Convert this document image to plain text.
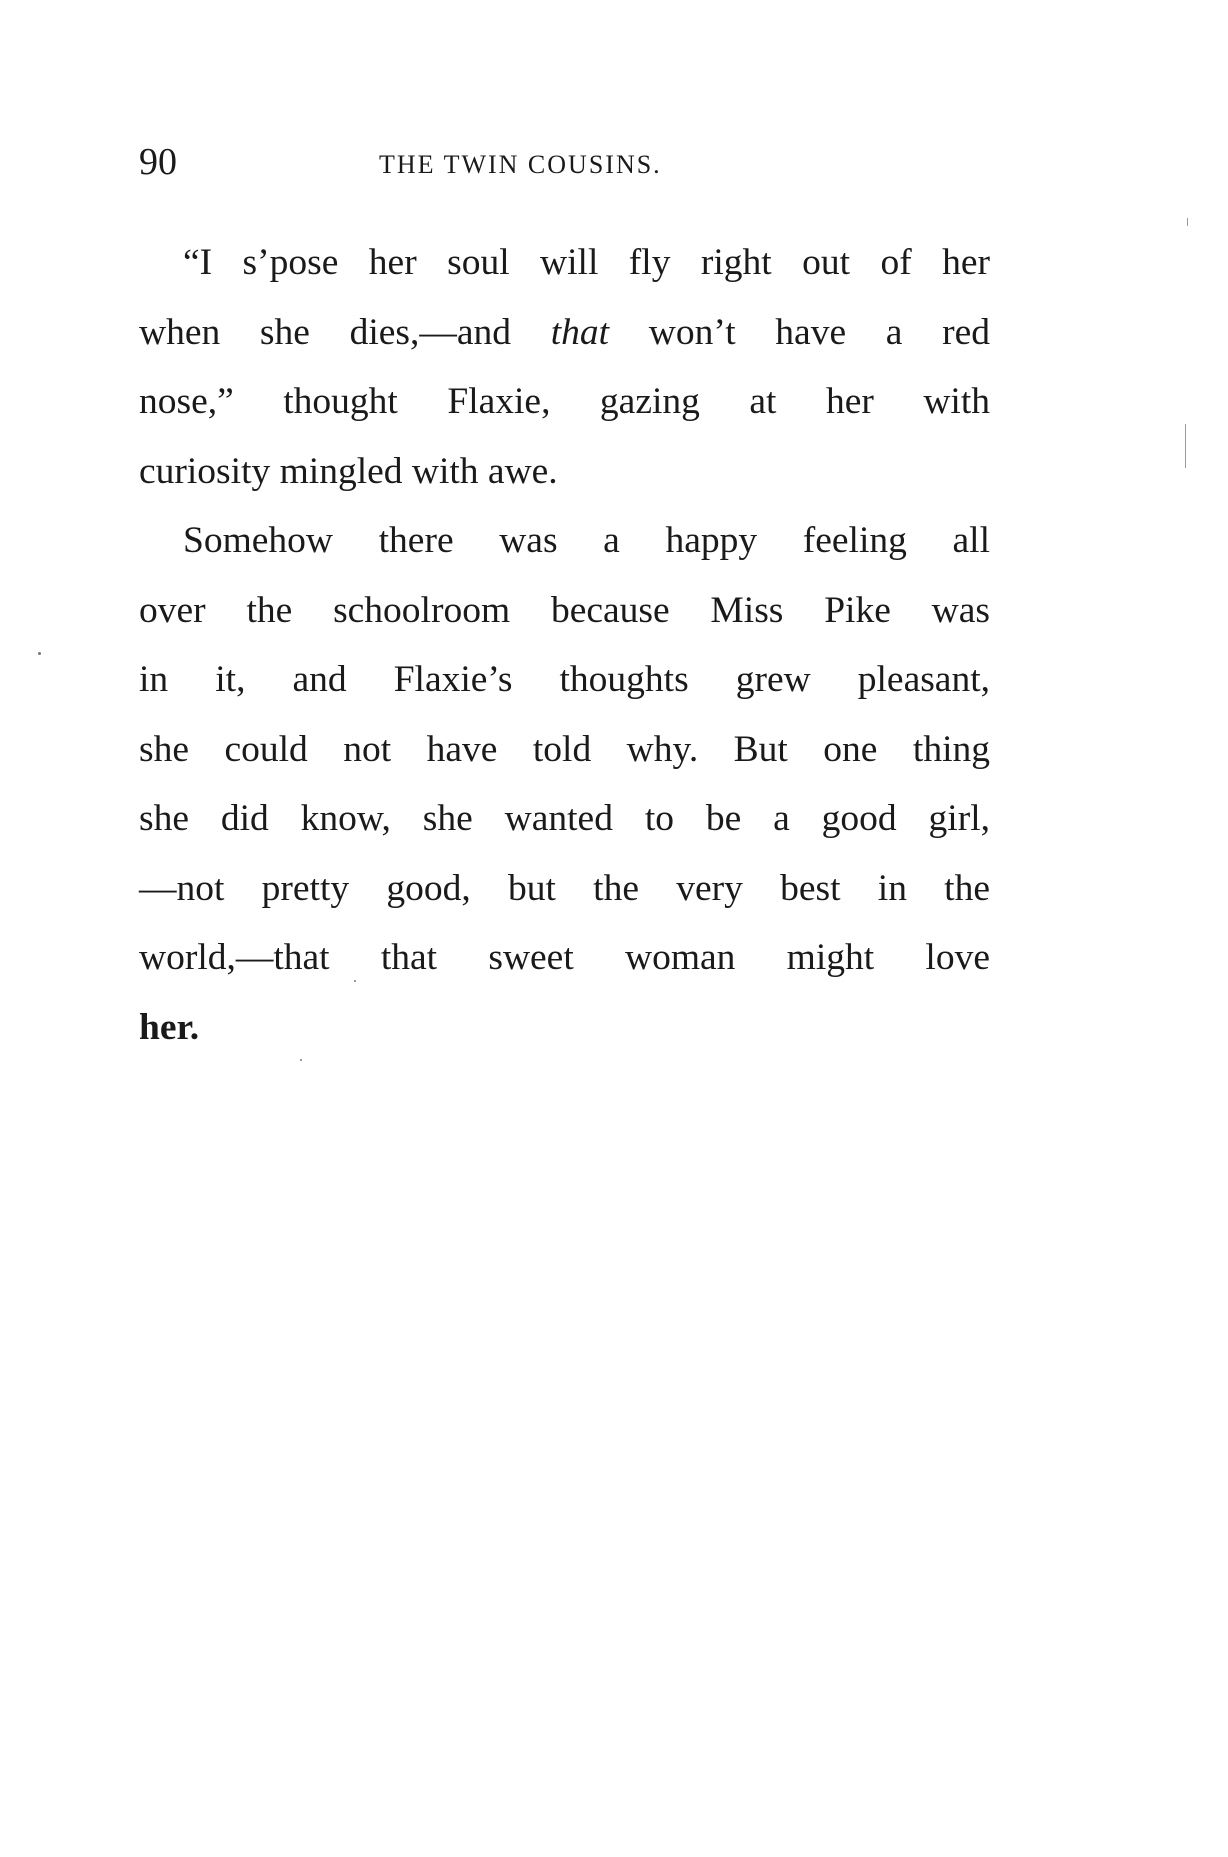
90	THE TWIN COUSINS.
“I s’pose her soul will fly right out of her
when she dies,—and that won’t have a red
nose,” thought Flaxie, gazing at her with
curiosity mingled with awe.
Somehow there was a happy feeling all
over the schoolroom because Miss Pike was
in it, and Flaxie’s thoughts grew pleasant,
she could not have told why. But one thing
she did know, she wanted to be a good girl,
—not pretty good, but the very best in the
world,—that that sweet woman might love
her.
